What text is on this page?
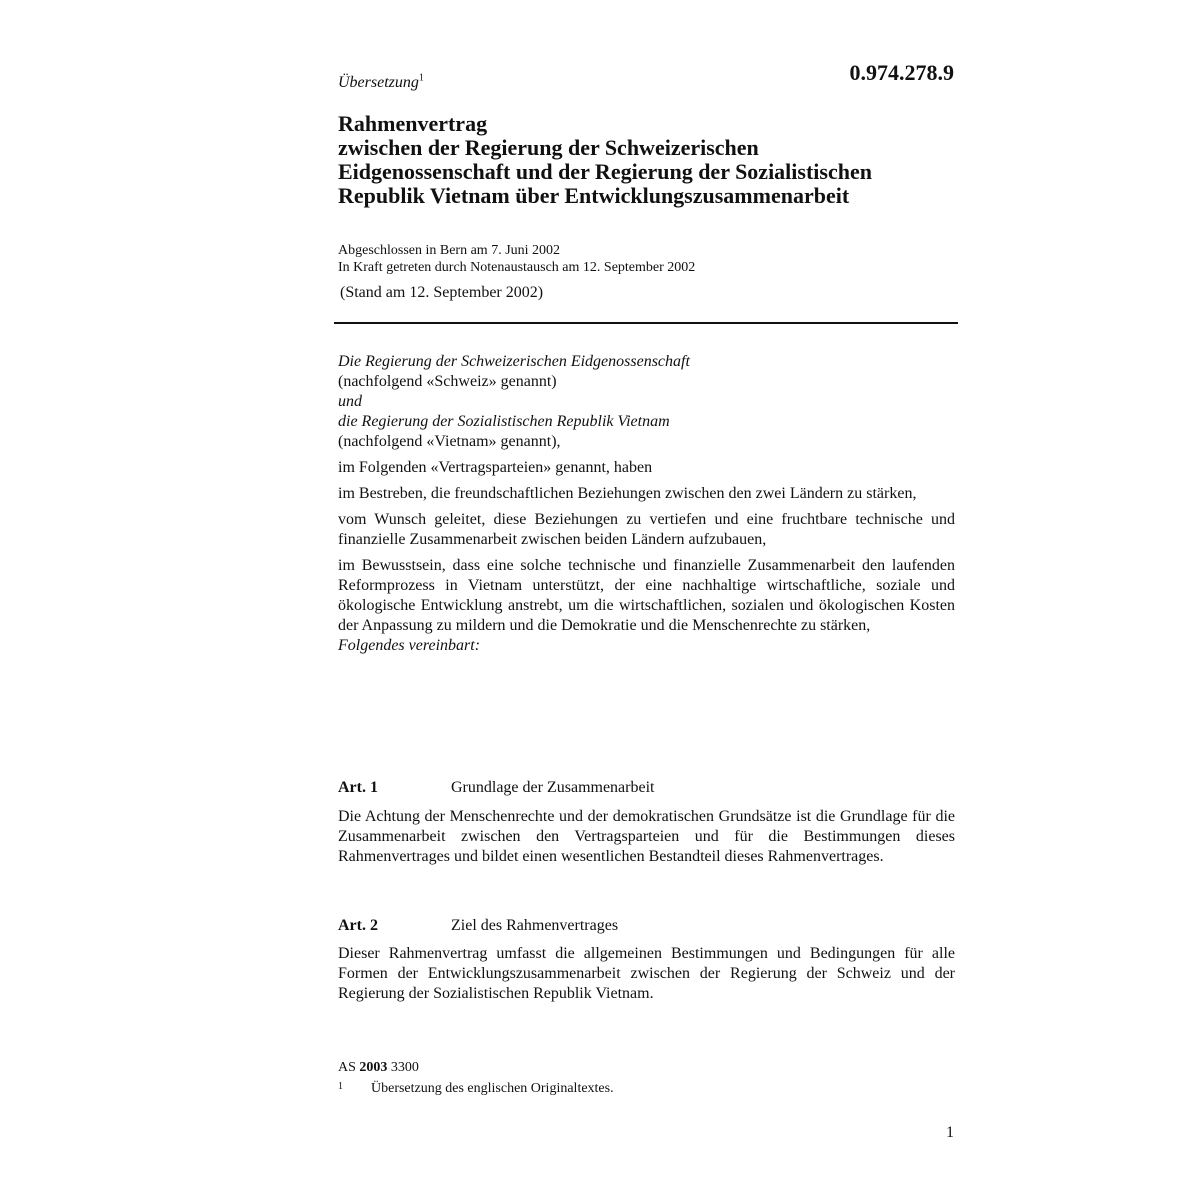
Übersetzung$^1$	0.974.278.9
Rahmenvertrag
zwischen der Regierung der Schweizerischen
Eidgenossenschaft und der Regierung der Sozialistischen
Republik Vietnam über Entwicklungszusammenarbeit
Abgeschlossen in Bern am 7. Juni 2002
In Kraft getreten durch Notenaustausch am 12. September 2002
(Stand am 12. September 2002)

Die Regierung der Schweizerischen Eidgenossenschaft

(nachfolgend «Schweiz» genannt)

und

die Regierung der Sozialistischen Republik Vietnam

(nachfolgend «Vietnam» genannt),

im Folgenden «Vertragsparteien» genannt, haben

im Bestreben, die freundschaftlichen Beziehungen zwischen den zwei Ländern zu stärken,

vom Wunsch geleitet, diese Beziehungen zu vertiefen und eine fruchtbare technische und finanzielle Zusammenarbeit zwischen beiden Ländern aufzubauen,

im Bewusstsein, dass eine solche technische und finanzielle Zusammenarbeit den laufenden Reformprozess in Vietnam unterstützt, der eine nachhaltige wirtschaftliche, soziale und ökologische Entwicklung anstrebt, um die wirtschaftlichen, sozialen und ökologischen Kosten der Anpassung zu mildern und die Demokratie und die Menschenrechte zu stärken,

Folgendes vereinbart:

Art. 1	Grundlage der Zusammenarbeit
Die Achtung der Menschenrechte und der demokratischen Grundsätze ist die Grundlage für die Zusammenarbeit zwischen den Vertragsparteien und für die Bestimmungen dieses Rahmenvertrages und bildet einen wesentlichen Bestandteil dieses Rahmenvertrages.
Art. 2	Ziel des Rahmenvertrages
Dieser Rahmenvertrag umfasst die allgemeinen Bestimmungen und Bedingungen für alle Formen der Entwicklungszusammenarbeit zwischen der Regierung der Schweiz und der Regierung der Sozialistischen Republik Vietnam.
AS 2003 3300
1 Übersetzung des englischen Originaltextes.
1
